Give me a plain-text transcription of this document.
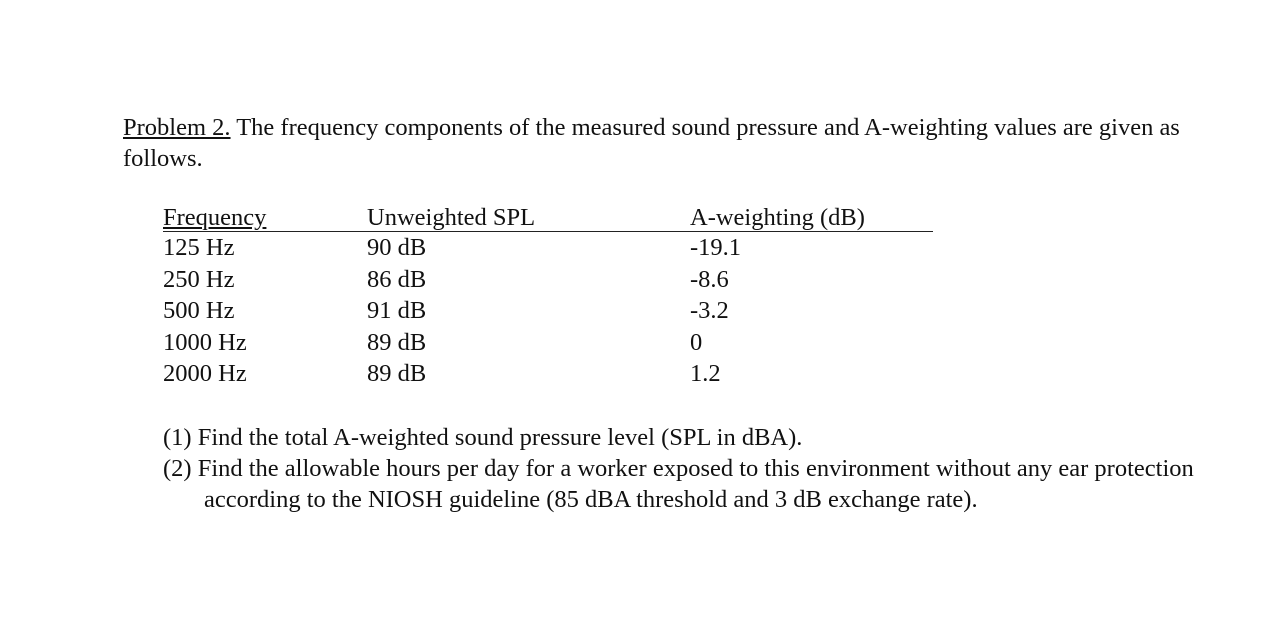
Problem 2. The frequency components of the measured sound pressure and A-weighting values are given as follows.
Frequency	Unweighted SPL	A-weighting (dB)
125 Hz	90 dB	-19.1
250 Hz	86 dB	-8.6
500 Hz	91 dB	-3.2
1000 Hz	89 dB	0
2000 Hz	89 dB	1.2
(1) Find the total A-weighted sound pressure level (SPL in dBA).
(2) Find the allowable hours per day for a worker exposed to this environment without any ear protection according to the NIOSH guideline (85 dBA threshold and 3 dB exchange rate).
